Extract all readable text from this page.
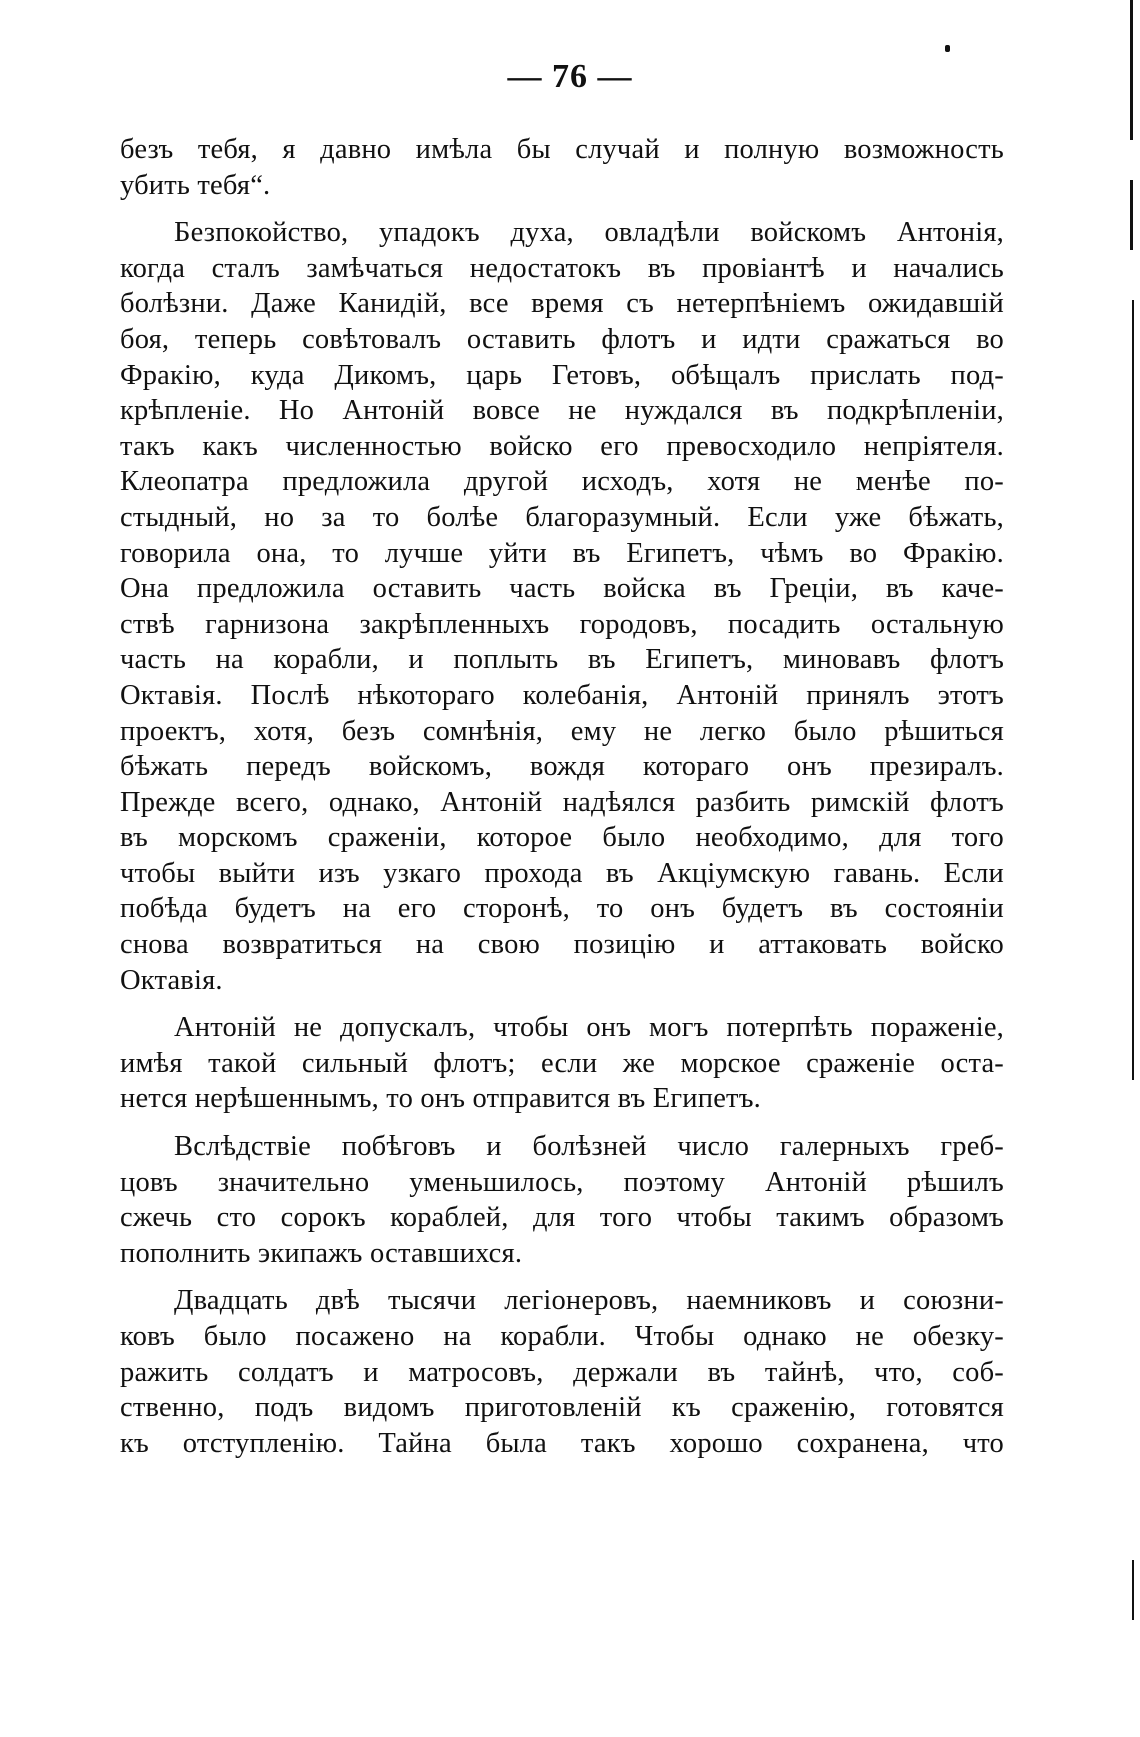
— 76 —
безъ тебя, я давно имѣла бы случай и полную возможность
убить тебя“.
Безпокойство, упадокъ духа, овладѣли войскомъ Антонія,
когда сталъ замѣчаться недостатокъ въ провіантѣ и начались
болѣзни. Даже Канидій, все время съ нетерпѣніемъ ожидавшій
боя, теперь совѣтовалъ оставить флотъ и идти сражаться во
Фракію, куда Дикомъ, царь Гетовъ, обѣщалъ прислать под-
крѣпленіе. Но Антоній вовсе не нуждался въ подкрѣпленіи,
такъ какъ численностью войско его превосходило непріятеля.
Клеопатра предложила другой исходъ, хотя не менѣе по-
стыдный, но за то болѣе благоразумный. Если уже бѣжать,
говорила она, то лучше уйти въ Египетъ, чѣмъ во Фракію.
Она предложила оставить часть войска въ Греціи, въ каче-
ствѣ гарнизона закрѣпленныхъ городовъ, посадить остальную
часть на корабли, и поплыть въ Египетъ, миновавъ флотъ
Октавія. Послѣ нѣкотораго колебанія, Антоній принялъ этотъ
проектъ, хотя, безъ сомнѣнія, ему не легко было рѣшиться
бѣжать передъ войскомъ, вождя котораго онъ презиралъ.
Прежде всего, однако, Антоній надѣялся разбить римскій флотъ
въ морскомъ сраженіи, которое было необходимо, для того
чтобы выйти изъ узкаго прохода въ Акціумскую гавань. Если
побѣда будетъ на его сторонѣ, то онъ будетъ въ состояніи
снова возвратиться на свою позицію и аттаковать войско
Октавія.
Антоній не допускалъ, чтобы онъ могъ потерпѣть пораженіе,
имѣя такой сильный флотъ; если же морское сраженіе оста-
нется нерѣшеннымъ, то онъ отправится въ Египетъ.
Вслѣдствіе побѣговъ и болѣзней число галерныхъ греб-
цовъ значительно уменьшилось, поэтому Антоній рѣшилъ
сжечь сто сорокъ кораблей, для того чтобы такимъ образомъ
пополнить экипажъ оставшихся.
Двадцать двѣ тысячи легіонеровъ, наемниковъ и союзни-
ковъ было посажено на корабли. Чтобы однако не обезку-
ражить солдатъ и матросовъ, держали въ тайнѣ, что, соб-
ственно, подъ видомъ приготовленій къ сраженію, готовятся
къ отступленію. Тайна была такъ хорошо сохранена, что
